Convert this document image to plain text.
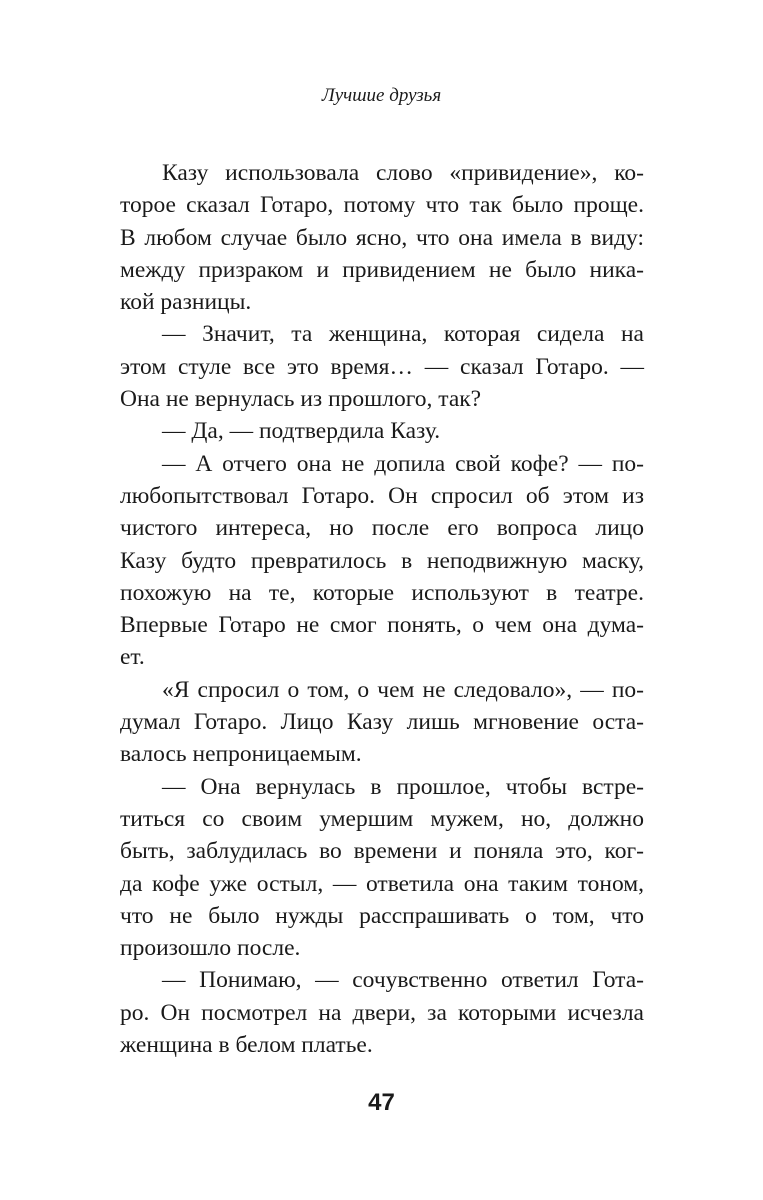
Лучшие друзья
Казу использовала слово «привидение», ко-
торое сказал Готаро, потому что так было проще.
В любом случае было ясно, что она имела в виду:
между призраком и привидением не было ника-
кой разницы.
— Значит, та женщина, которая сидела на
этом стуле все это время… — сказал Готаро. —
Она не вернулась из прошлого, так?
— Да, — подтвердила Казу.
— А отчего она не допила свой кофе? — по-
любопытствовал Готаро. Он спросил об этом из
чистого интереса, но после его вопроса лицо
Казу будто превратилось в неподвижную маску,
похожую на те, которые используют в театре.
Впервые Готаро не смог понять, о чем она дума-
ет.
«Я спросил о том, о чем не следовало», — по-
думал Готаро. Лицо Казу лишь мгновение оста-
валось непроницаемым.
— Она вернулась в прошлое, чтобы встре-
титься со своим умершим мужем, но, должно
быть, заблудилась во времени и поняла это, ког-
да кофе уже остыл, — ответила она таким тоном,
что не было нужды расспрашивать о том, что
произошло после.
— Понимаю, — сочувственно ответил Гота-
ро. Он посмотрел на двери, за которыми исчезла
женщина в белом платье.
47
